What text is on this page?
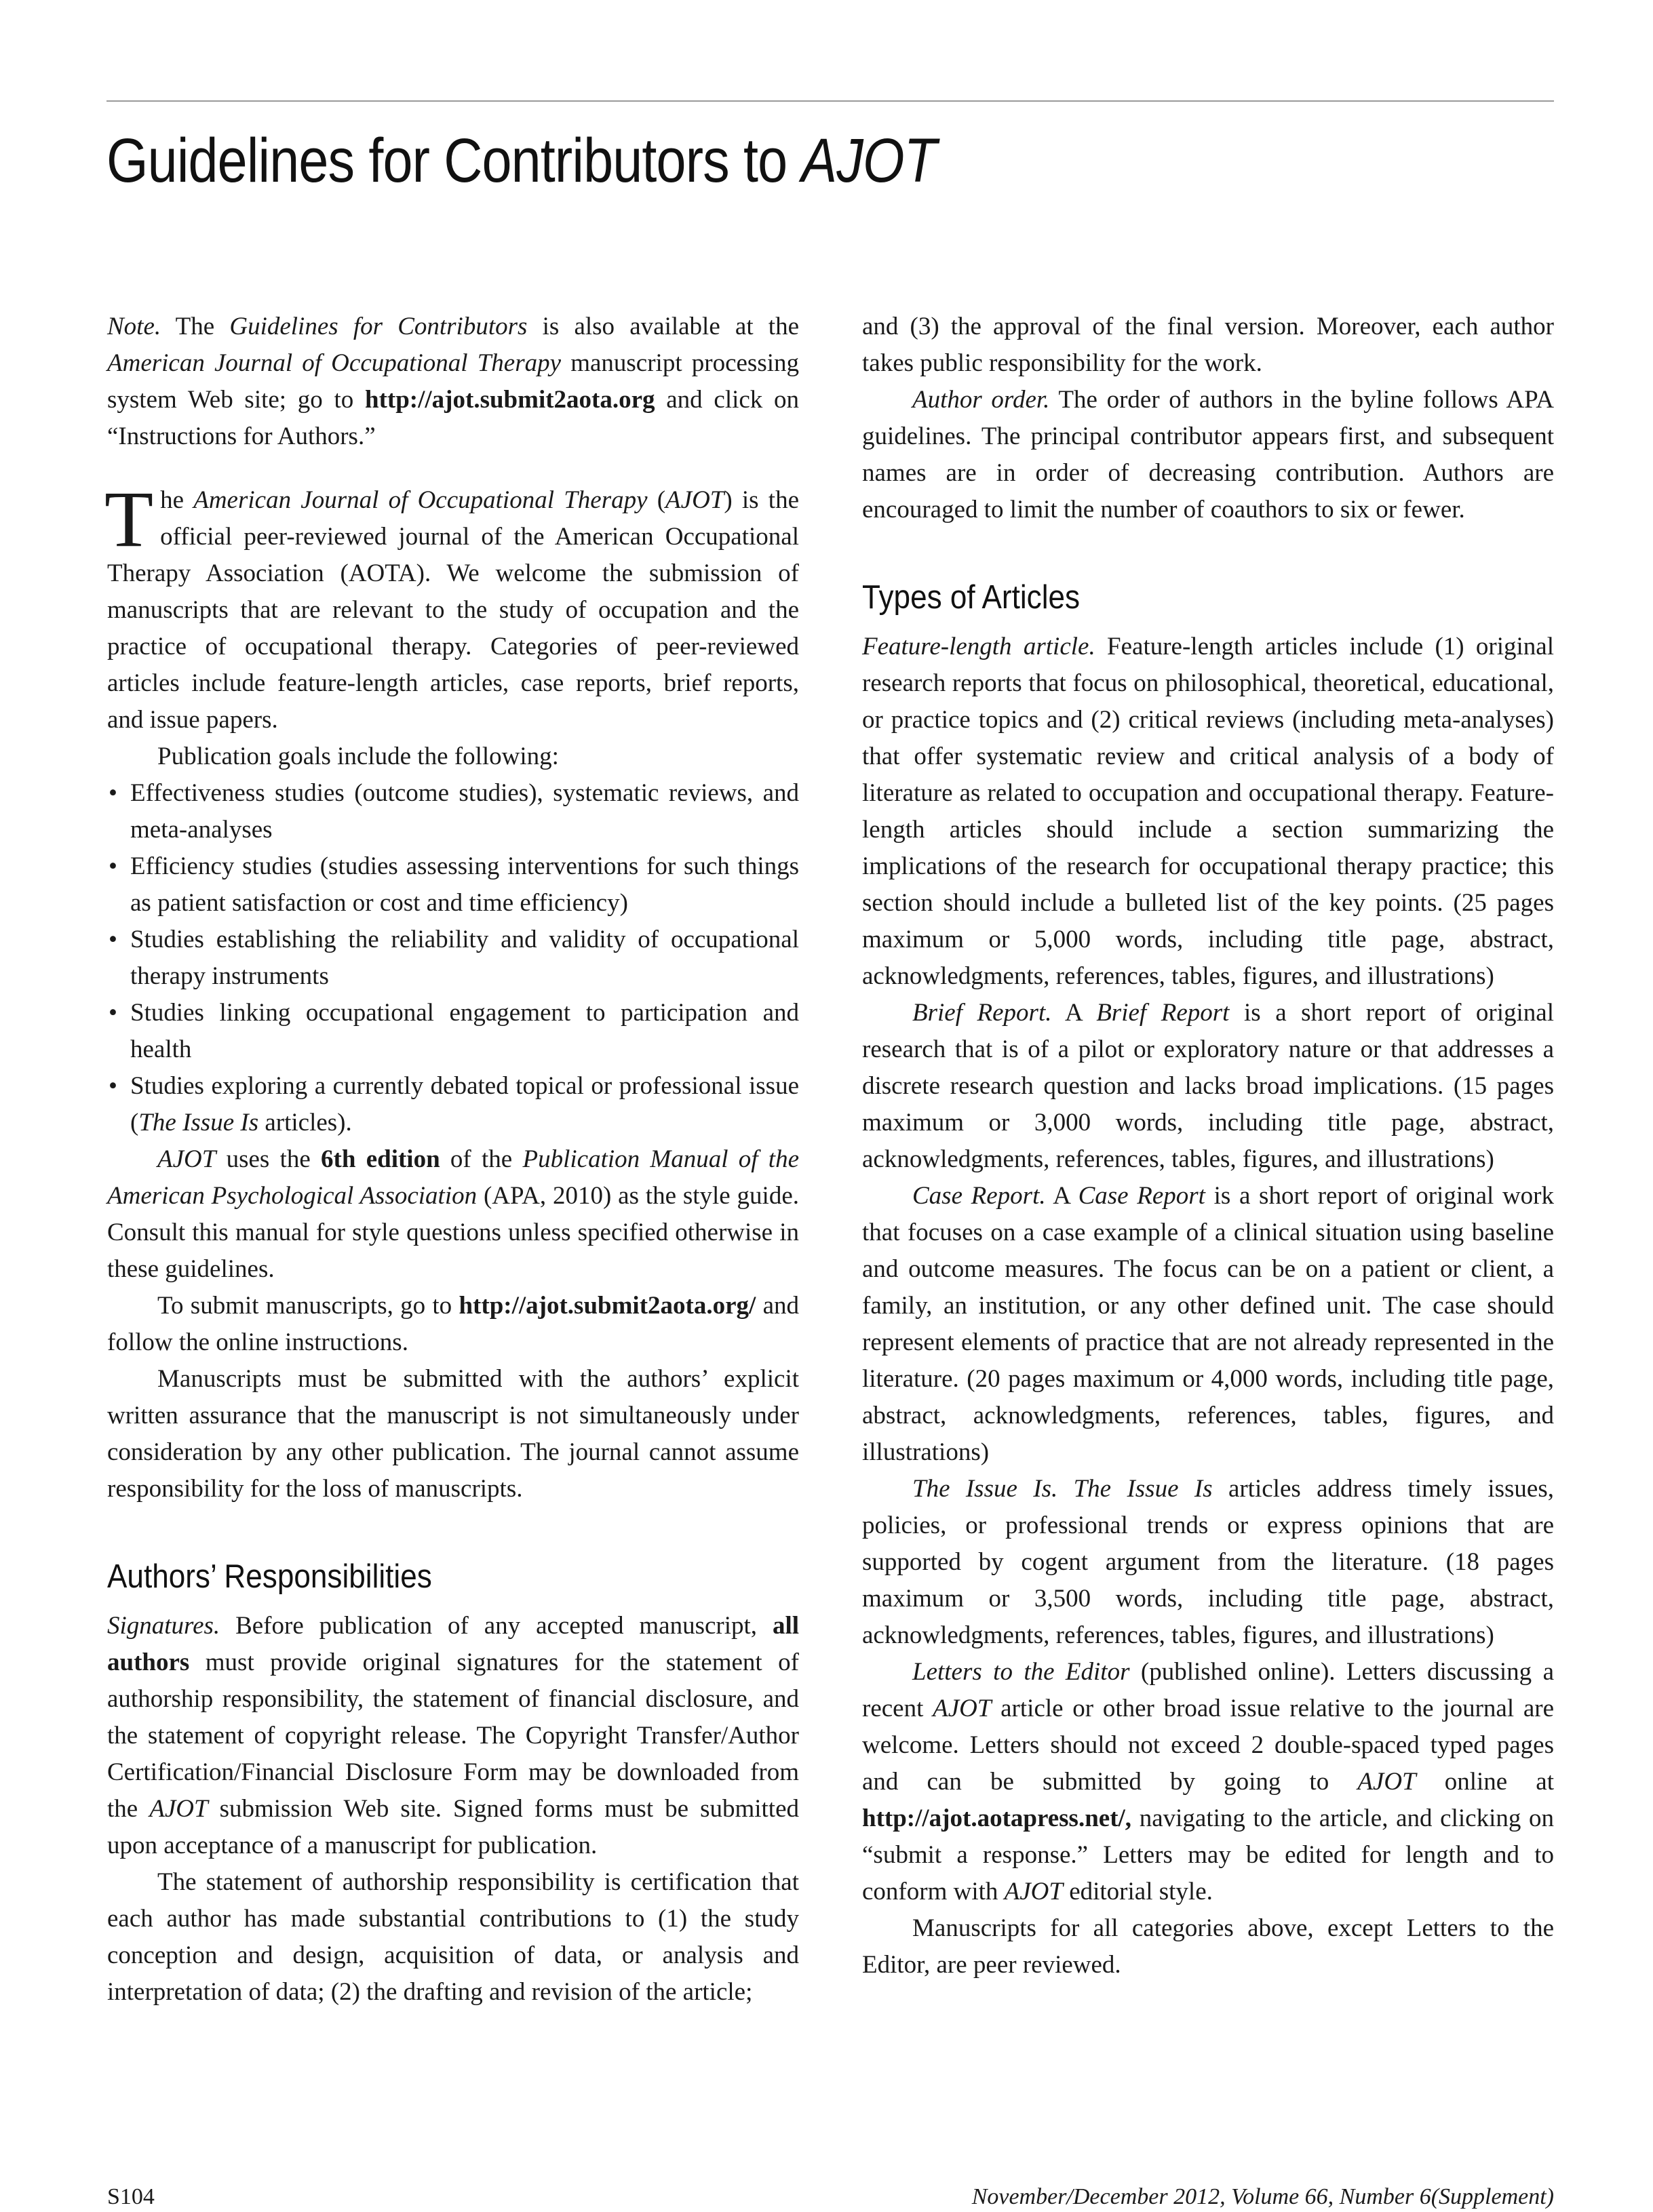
Guidelines for Contributors to AJOT

Note. The Guidelines for Contributors is also available at the American Journal of Occupational Therapy manuscript processing system Web site; go to http://ajot.submit2aota.org and click on “Instructions for Authors.”

The American Journal of Occupational Therapy (AJOT) is the official peer-reviewed journal of the American Occupational Therapy Association (AOTA). We welcome the submission of manuscripts that are relevant to the study of occupation and the practice of occupational therapy. Categories of peer-reviewed articles include feature-length articles, case reports, brief reports, and issue papers.

Publication goals include the following:

• Effectiveness studies (outcome studies), systematic reviews, and meta-analyses
• Efficiency studies (studies assessing interventions for such things as patient satisfaction or cost and time efficiency)
• Studies establishing the reliability and validity of occupational therapy instruments
• Studies linking occupational engagement to participation and health
• Studies exploring a currently debated topical or professional issue (The Issue Is articles).

AJOT uses the 6th edition of the Publication Manual of the American Psychological Association (APA, 2010) as the style guide. Consult this manual for style questions unless specified otherwise in these guidelines.

To submit manuscripts, go to http://ajot.submit2aota.org/ and follow the online instructions.

Manuscripts must be submitted with the authors’ explicit written assurance that the manuscript is not simultaneously under consideration by any other publication. The journal cannot assume responsibility for the loss of manuscripts.

Authors’ Responsibilities

Signatures. Before publication of any accepted manuscript, all authors must provide original signatures for the statement of authorship responsibility, the statement of financial disclosure, and the statement of copyright release. The Copyright Transfer/Author Certification/Financial Disclosure Form may be downloaded from the AJOT submission Web site. Signed forms must be submitted upon acceptance of a manuscript for publication.

The statement of authorship responsibility is certification that each author has made substantial contributions to (1) the study conception and design, acquisition of data, or analysis and interpretation of data; (2) the drafting and revision of the article;

and (3) the approval of the final version. Moreover, each author takes public responsibility for the work.

Author order. The order of authors in the byline follows APA guidelines. The principal contributor appears first, and subsequent names are in order of decreasing contribution. Authors are encouraged to limit the number of coauthors to six or fewer.

Types of Articles

Feature-length article. Feature-length articles include (1) original research reports that focus on philosophical, theoretical, educational, or practice topics and (2) critical reviews (including meta-analyses) that offer systematic review and critical analysis of a body of literature as related to occupation and occupational therapy. Feature-length articles should include a section summarizing the implications of the research for occupational therapy practice; this section should include a bulleted list of the key points. (25 pages maximum or 5,000 words, including title page, abstract, acknowledgments, references, tables, figures, and illustrations)

Brief Report. A Brief Report is a short report of original research that is of a pilot or exploratory nature or that addresses a discrete research question and lacks broad implications. (15 pages maximum or 3,000 words, including title page, abstract, acknowledgments, references, tables, figures, and illustrations)

Case Report. A Case Report is a short report of original work that focuses on a case example of a clinical situation using baseline and outcome measures. The focus can be on a patient or client, a family, an institution, or any other defined unit. The case should represent elements of practice that are not already represented in the literature. (20 pages maximum or 4,000 words, including title page, abstract, acknowledgments, references, tables, figures, and illustrations)

The Issue Is. The Issue Is articles address timely issues, policies, or professional trends or express opinions that are supported by cogent argument from the literature. (18 pages maximum or 3,500 words, including title page, abstract, acknowledgments, references, tables, figures, and illustrations)

Letters to the Editor (published online). Letters discussing a recent AJOT article or other broad issue relative to the journal are welcome. Letters should not exceed 2 double-spaced typed pages and can be submitted by going to AJOT online at http://ajot.aotapress.net/, navigating to the article, and clicking on “submit a response.” Letters may be edited for length and to conform with AJOT editorial style.

Manuscripts for all categories above, except Letters to the Editor, are peer reviewed.

S104	November/December 2012, Volume 66, Number 6(Supplement)
